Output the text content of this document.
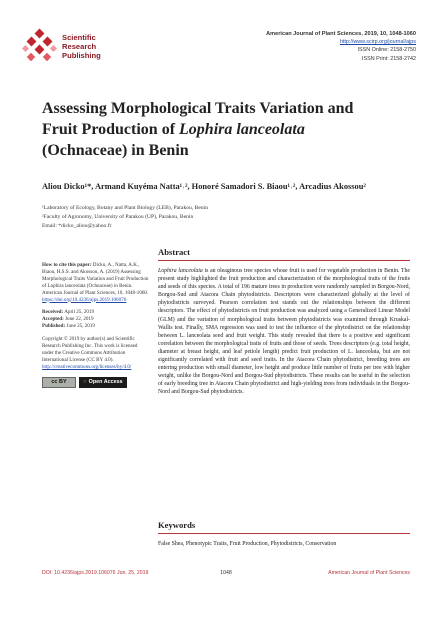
Scientific
Research
Publishing
American Journal of Plant Sciences, 2019, 10, 1048-1060
http://www.scirp.org/journal/ajps
ISSN Online: 2158-2750
ISSN Print: 2158-2742
Assessing Morphological Traits Variation and
Fruit Production of Lophira lanceolata
(Ochnaceae) in Benin
Aliou Dicko¹*, Armand Kuyéma Natta¹˒², Honoré Samadori S. Biaou¹˒², Arcadius Akossou²
¹Laboratory of Ecology, Botany and Plant Biology (LEB), Parakou, Benin
²Faculty of Agronomy, University of Parakou (UP), Parakou, Benin
Email: *dicko_aliou@yahoo.fr

How to cite this paper: Dicko, A., Natta, A.K., Biaou, H.S.S. and Akossou, A. (2019) Assessing Morphological Traits Variation and Fruit Production of Lophira lanceolata (Ochnaceae) in Benin. American Journal of Plant Sciences, 10, 1048-1060.
https://doi.org/10.4236/ajps.2019.106076

Received: April 25, 2019
Accepted: June 22, 2019
Published: June 25, 2019

Copyright © 2019 by author(s) and Scientific Research Publishing Inc. This work is licensed under the Creative Commons Attribution International License (CC BY 4.0).
http://creativecommons.org/licenses/by/4.0/

cc BY	○ Open Access
Abstract
Lophira lanceolata is an oleaginous tree species whose fruit is used for vegetable production in Benin. The present study highlighted the fruit production and characterization of the morphological traits of the fruits and seeds of this species. A total of 196 mature trees in production were randomly sampled in Borgou-Nord, Borgou-Sud and Atacora Chain phytodistricts. Descriptors were characterized globally at the level of phytodistricts surveyed. Pearson correlation test stands out the relationships between the different descriptors. The effect of phytodistricts on fruit production was analyzed using a Generalized Linear Model (GLM) and the variation of morphological traits between phytodistricts was examined through Kruskal-Wallis test. Finally, SMA regression was used to test the influence of the phytodistrict on the relationship between L. lanceolata seed and fruit weight. This study revealed that there is a positive and significant correlation between the morphological traits of fruits and those of seeds. Trees descriptors (e.g. total height, diameter at breast height, and leaf petiole length) predict fruit production of L. lanceolata, but are not significantly correlated with fruit and seed traits. In the Atacora Chain phytodistrict, breeding trees are entering production with small diameter, low height and produce little number of fruits per tree with higher weight, unlike the Borgou-Nord and Borgou-Sud phytodistricts. These results can be useful in the selection of early breeding tree in Atacora Chain phytodistrict and high-yielding trees from individuals in the Borgou-Nord and Borgou-Sud phytodistricts.
Keywords
False Shea, Phenotypic Traits, Fruit Production, Phytodistricts, Conservation
1048
DOI: 10.4236/ajps.2019.106076 Jun. 25, 2019	American Journal of Plant Sciences
